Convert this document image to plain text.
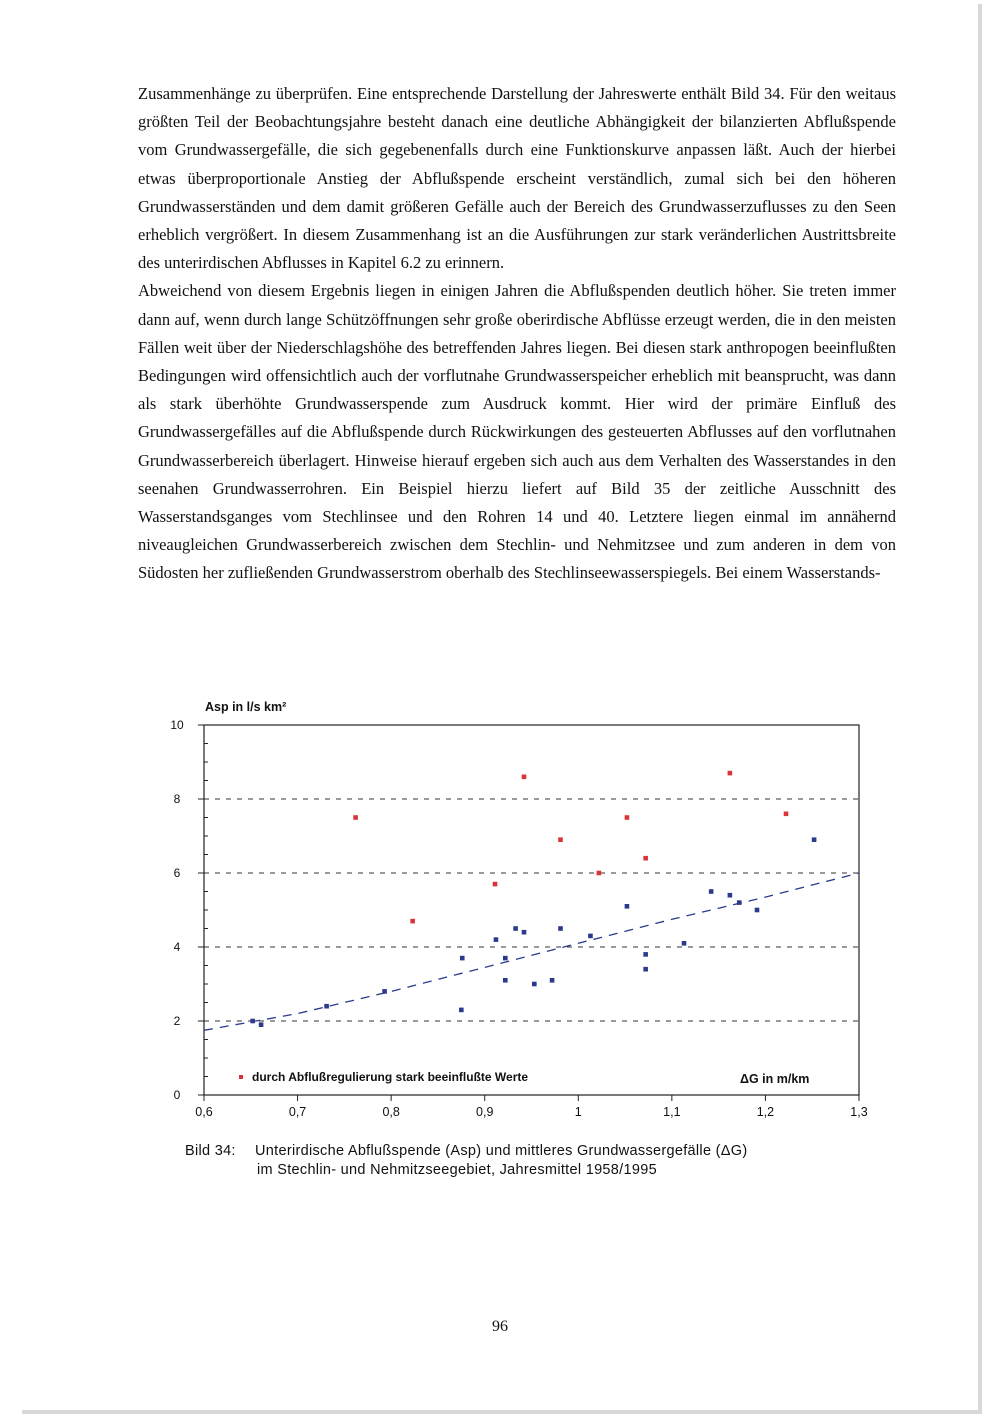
Zusammenhänge zu überprüfen. Eine entsprechende Darstellung der Jahreswerte enthält Bild 34. Für den weitaus größten Teil der Beobachtungsjahre besteht danach eine deutliche Abhängigkeit der bilanzierten Abflußspende vom Grundwassergefälle, die sich gegebenenfalls durch eine Funktionskurve anpassen läßt. Auch der hierbei etwas überproportionale Anstieg der Abflußspende erscheint verständlich, zumal sich bei den höheren Grundwasserständen und dem damit größeren Gefälle auch der Bereich des Grundwasserzuflusses zu den Seen erheblich vergrößert. In diesem Zusammenhang ist an die Ausführungen zur stark veränderlichen Austrittsbreite des unterirdischen Abflusses in Kapitel 6.2 zu erinnern.

Abweichend von diesem Ergebnis liegen in einigen Jahren die Abflußspenden deutlich höher. Sie treten immer dann auf, wenn durch lange Schützöffnungen sehr große oberirdische Abflüsse erzeugt werden, die in den meisten Fällen weit über der Niederschlagshöhe des betreffenden Jahres liegen. Bei diesen stark anthropogen beeinflußten Bedingungen wird offensichtlich auch der vorflutnahe Grundwasserspeicher erheblich mit beansprucht, was dann als stark überhöhte Grundwasserspende zum Ausdruck kommt. Hier wird der primäre Einfluß des Grundwassergefälles auf die Abflußspende durch Rückwirkungen des gesteuerten Abflusses auf den vorflutnahen Grundwasserbereich überlagert. Hinweise hierauf ergeben sich auch aus dem Verhalten des Wasserstandes in den seenahen Grundwasserrohren. Ein Beispiel hierzu liefert auf Bild 35 der zeitliche Ausschnitt des Wasserstandsganges vom Stechlinsee und den Rohren 14 und 40. Letztere liegen einmal im annähernd niveaugleichen Grundwasserbereich zwischen dem Stechlin- und Nehmitzsee und zum anderen in dem von Südosten her zufließenden Grundwasserstrom oberhalb des Stechlinseewasserspiegels. Bei einem Wasserstands-

Asp in l/s km²
0
2
4
6
8
10
0,6	0,7	0,8	0,9	1	1,1	1,2	1,3
durch Abflußregulierung stark beeinflußte Werte	ΔG in m/km
Bild 34: Unterirdische Abflußspende (Asp) und mittleres Grundwassergefälle (ΔG)
im Stechlin- und Nehmitzseegebiet, Jahresmittel 1958/1995
96
